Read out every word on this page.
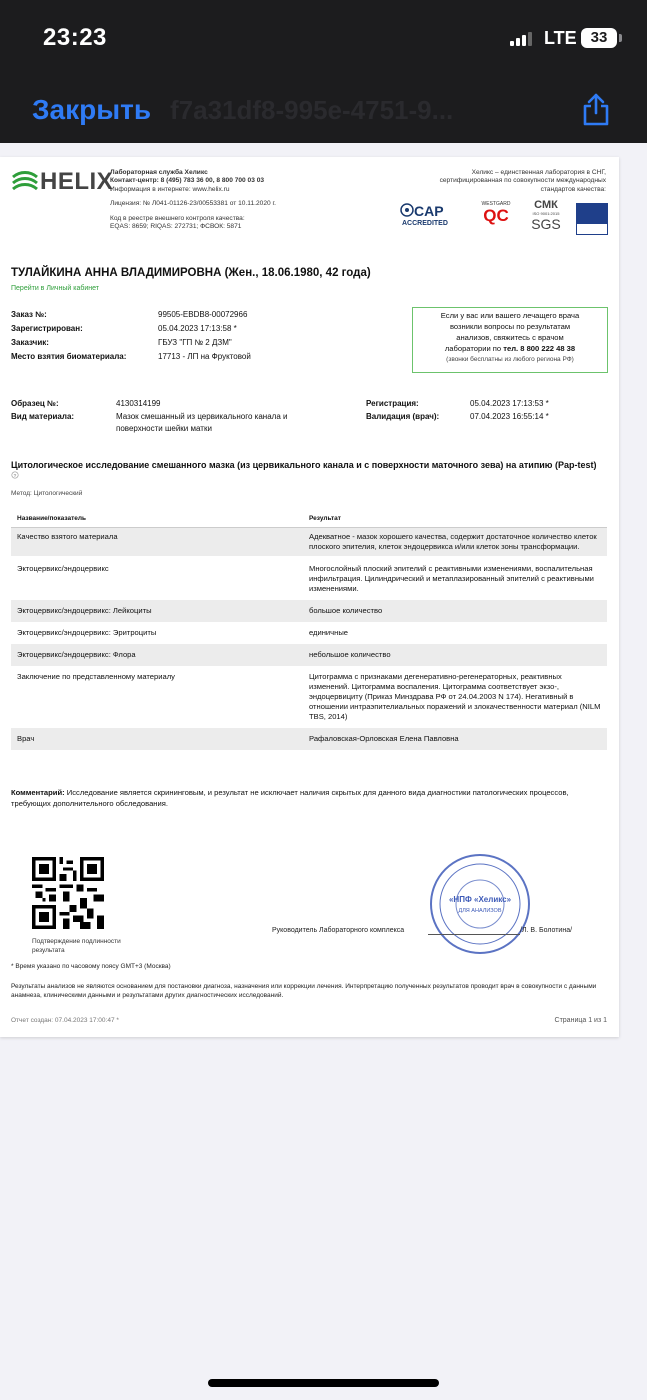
23:23	LTE 33
Закрыть f7a31df8-995e-4751-9...
HELIX
Лабораторная служба Хеликс
Контакт-центр: 8 (495) 783 36 00, 8 800 700 03 03
Информация в интернете: www.helix.ru
Лицензия: № Л041-01126-23/00553381 от 10.11.2020 г.
Код в реестре внешнего контроля качества:
EQAS: 8659; RIQAS: 272731; ФСВОК: 5871
Хеликс – единственная лаборатория в СНГ,
сертифицированная по совокупности международных
стандартов качества:
CAP
ACCREDITED
WESTGARD
QC
СМК
ISO 9001:2015
SGS
ТУЛАЙКИНА АННА ВЛАДИМИРОВНА (Жен., 18.06.1980, 42 года)
Перейти в Личный кабинет
Заказ №:	99505-EBDB8-00072966
Зарегистрирован:	05.04.2023 17:13:58 *
Заказчик:	ГБУЗ "ГП № 2 ДЗМ"
Место взятия биоматериала:	17713 - ЛП на Фруктовой
Если у вас или вашего лечащего врача
возникли вопросы по результатам
анализов, свяжитесь с врачом
лаборатории по тел. 8 800 222 48 38
(звонки бесплатны из любого региона РФ)
Образец №:	4130314199
Вид материала:	Мазок смешанный из цервикального канала и
поверхности шейки матки
Регистрация:	05.04.2023 17:13:53 *
Валидация (врач):	07.04.2023 16:55:14 *
Цитологическое исследование смешанного мазка (из цервикального канала и с поверхности маточного зева) на атипию (Pap-test)
?
Метод: Цитологический
Название/показатель	Результат
Качество взятого материала	Адекватное - мазок хорошего качества, содержит достаточное количество клеток плоского эпителия, клеток эндоцервикса и/или клеток зоны трансформации.
Эктоцервикс/эндоцервикс	Многослойный плоский эпителий с реактивными изменениями, воспалительная инфильтрация. Цилиндрический и метаплазированный эпителий с реактивными изменениями.
Эктоцервикс/эндоцервикс: Лейкоциты	большое количество
Эктоцервикс/эндоцервикс: Эритроциты	единичные
Эктоцервикс/эндоцервикс: Флора	небольшое количество
Заключение по представленному материалу	Цитограмма с признаками дегенеративно-регенераторных, реактивных изменений. Цитограмма воспаления. Цитограмма соответствует экзо-, эндоцервициту (Приказ Минздрава РФ от 24.04.2003 N 174). Негативный в отношении интраэпителиальных поражений и злокачественности материал (NILM TBS, 2014)
Врач	Рафаловская-Орловская Елена Павловна
Комментарий: Исследование является скрининговым, и результат не исключает наличия скрытых для данного вида диагностики патологических процессов, требующих дополнительного обследования.
Подтверждение подлинности результата
«НПФ «Хеликс»
ДЛЯ АНАЛИЗОВ
Руководитель Лабораторного комплекса	/Л. В. Болотина/
* Время указано по часовому поясу GMT+3 (Москва)
Результаты анализов не являются основанием для постановки диагноза, назначения или коррекции лечения. Интерпретацию полученных результатов проводит врач в совокупности с данными анамнеза, клиническими данными и результатами других диагностических исследований.
Отчет создан: 07.04.2023 17:00:47 *	Страница 1 из 1
